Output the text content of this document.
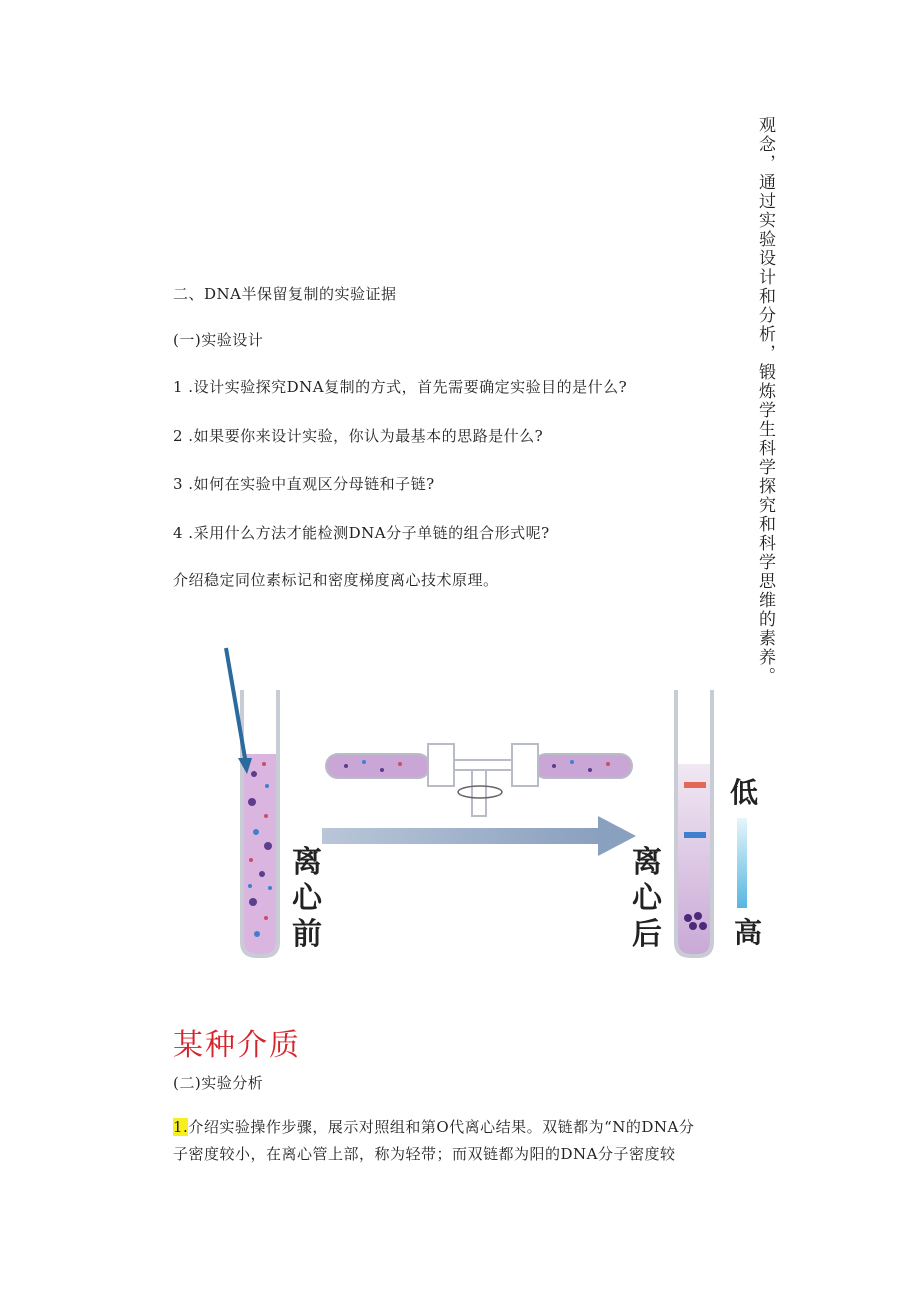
观念，通过实验设计和分析，锻炼学生科学探究和科学思维的素养。
二、DNA半保留复制的实验证据
(一)实验设计
1 .设计实验探究DNA复制的方式，首先需要确定实验目的是什么?
2 .如果要你来设计实验，你认为最基本的思路是什么?
3 .如何在实验中直观区分母链和子链?
4 .采用什么方法才能检测DNA分子单链的组合形式呢?
介绍稳定同位素标记和密度梯度离心技术原理。
离
心
前
离
心
后
低
高
某种介质
(二)实验分析
1.介绍实验操作步骤，展示对照组和第O代离心结果。双链都为“N的DNA分
子密度较小，在离心管上部，称为轻带；而双链都为阳的DNA分子密度较
